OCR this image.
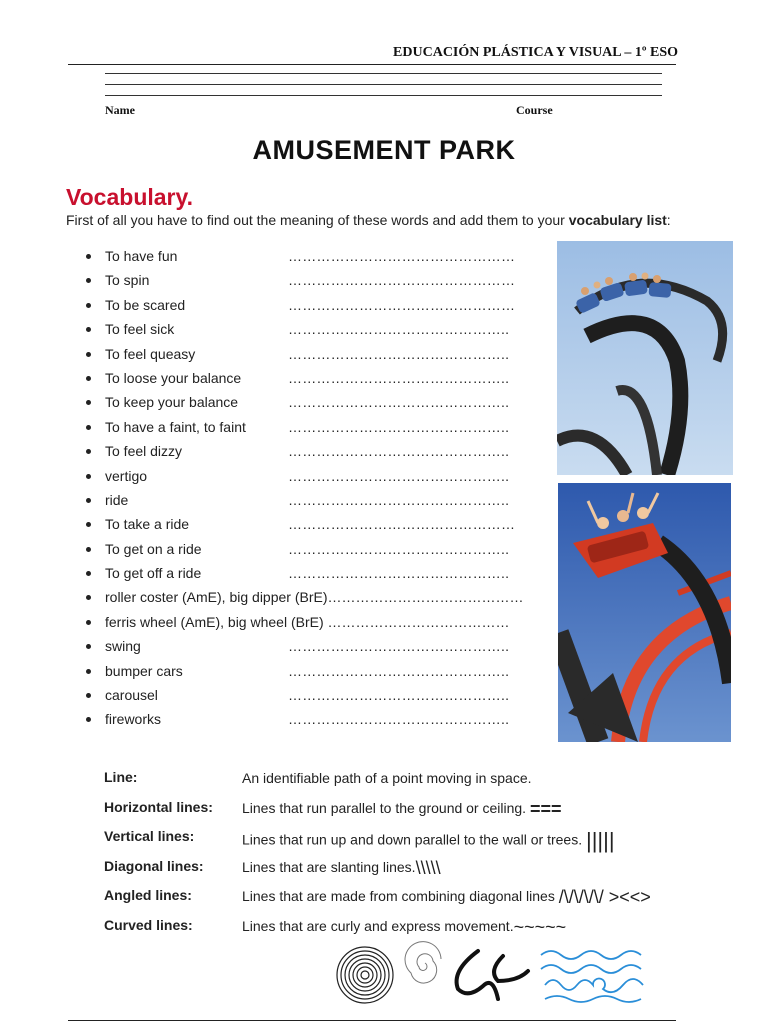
EDUCACIÓN PLÁSTICA Y VISUAL – 1º ESO
Name	Course
AMUSEMENT PARK
Vocabulary.
First of all you have to find out the meaning of these words and add them to your vocabulary list:
To have fun	…………………………………………
To spin	…………………………………………
To be scared	…………………………………………
To feel sick	………………………………………..
To feel queasy	………………………………………..
To loose your balance	………………………………………..
To keep your balance	………………………………………..
To have a faint, to faint	………………………………………..
To feel dizzy	………………………………………..
vertigo	………………………………………..
ride	………………………………………..
To take a ride	…………………………………………
To get on a ride	………………………………………..
To get off a ride	………………………………………..
roller coster (AmE), big dipper (BrE)……………………………………
ferris wheel (AmE), big wheel (BrE) …………………………………
swing	………………………………………..
bumper cars	………………………………………..
carousel	………………………………………..
fireworks	………………………………………..
Line:	An identifiable path of a point moving in space.
Horizontal lines: Lines that run parallel to the ground or ceiling. ===
Vertical lines:	Lines that run up and down parallel to the wall or trees. |||||
Diagonal lines:	Lines that are slanting lines.\\\\\
Angled lines:	Lines that are made from combining diagonal lines /\/\/\/\/ ><<>
Curved lines:	Lines that are curly and express movement.~~~~~
